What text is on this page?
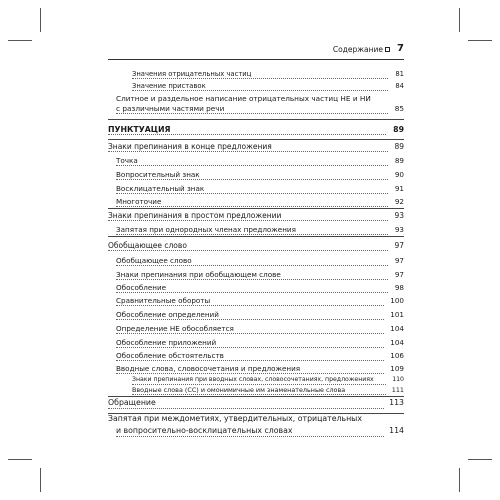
Содержание 7
Значения отрицательных частиц	81
Значение приставок	84
Слитное и раздельное написание отрицательных частиц НЕ и НИ
с различными частями речи	85
ПУНКТУАЦИЯ	89
Знаки препинания в конце предложения	89
Точка	89
Вопросительный знак	90
Восклицательный знак	91
Многоточие	92
Знаки препинания в простом предложении	93
Запятая при однородных членах предложения	93
Обобщающее слово	97
Обобщающее слово	97
Знаки препинания при обобщающем слове	97
Обособление	98
Сравнительные обороты	100
Обособление определений	101
Определение НЕ обособляется	104
Обособление приложений	104
Обособление обстоятельств	106
Вводные слова, словосочетания и предложения	109
Знаки препинания при вводных словах, словосочетаниях, предложениях	110
Вводные слова (СС) и омонимичные им знаменательные слова	111
Обращение	113
Запятая при междометиях, утвердительных, отрицательных
и вопросительно-восклицательных словах	114
